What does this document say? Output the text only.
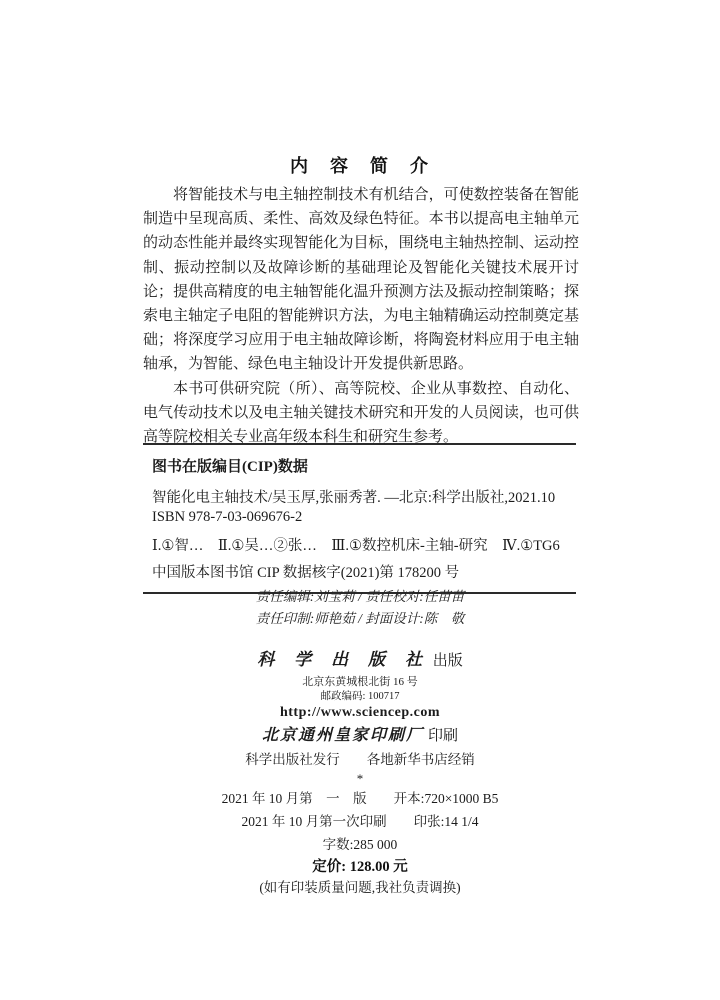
内　容　简　介

将智能技术与电主轴控制技术有机结合，可使数控装备在智能制造中呈现高质、柔性、高效及绿色特征。本书以提高电主轴单元的动态性能并最终实现智能化为目标，围绕电主轴热控制、运动控制、振动控制以及故障诊断的基础理论及智能化关键技术展开讨论；提供高精度的电主轴智能化温升预测方法及振动控制策略；探索电主轴定子电阻的智能辨识方法，为电主轴精确运动控制奠定基础；将深度学习应用于电主轴故障诊断，将陶瓷材料应用于电主轴轴承，为智能、绿色电主轴设计开发提供新思路。

本书可供研究院（所）、高等院校、企业从事数控、自动化、电气传动技术以及电主轴关键技术研究和开发的人员阅读，也可供高等院校相关专业高年级本科生和研究生参考。

图书在版编目(CIP)数据

智能化电主轴技术/吴玉厚,张丽秀著. —北京:科学出版社,2021.10

ISBN 978-7-03-069676-2

Ⅰ.①智…　Ⅱ.①吴…②张…　Ⅲ.①数控机床-主轴-研究　Ⅳ.①TG6

中国版本图书馆 CIP 数据核字(2021)第 178200 号

责任编辑:刘宝莉 / 责任校对:任苗苗
责任印制:师艳茹 / 封面设计:陈　敬
科 学 出 版 社 出版
北京东黄城根北街 16 号
邮政编码: 100717
http://www.sciencep.com
北京通州皇家印刷厂 印刷
科学出版社发行　　各地新华书店经销
*
2021 年 10 月第　一　版　　开本:720×1000 B5
2021 年 10 月第一次印刷　　印张:14 1/4
字数:285 000
定价: 128.00 元
(如有印装质量问题,我社负责调换)
